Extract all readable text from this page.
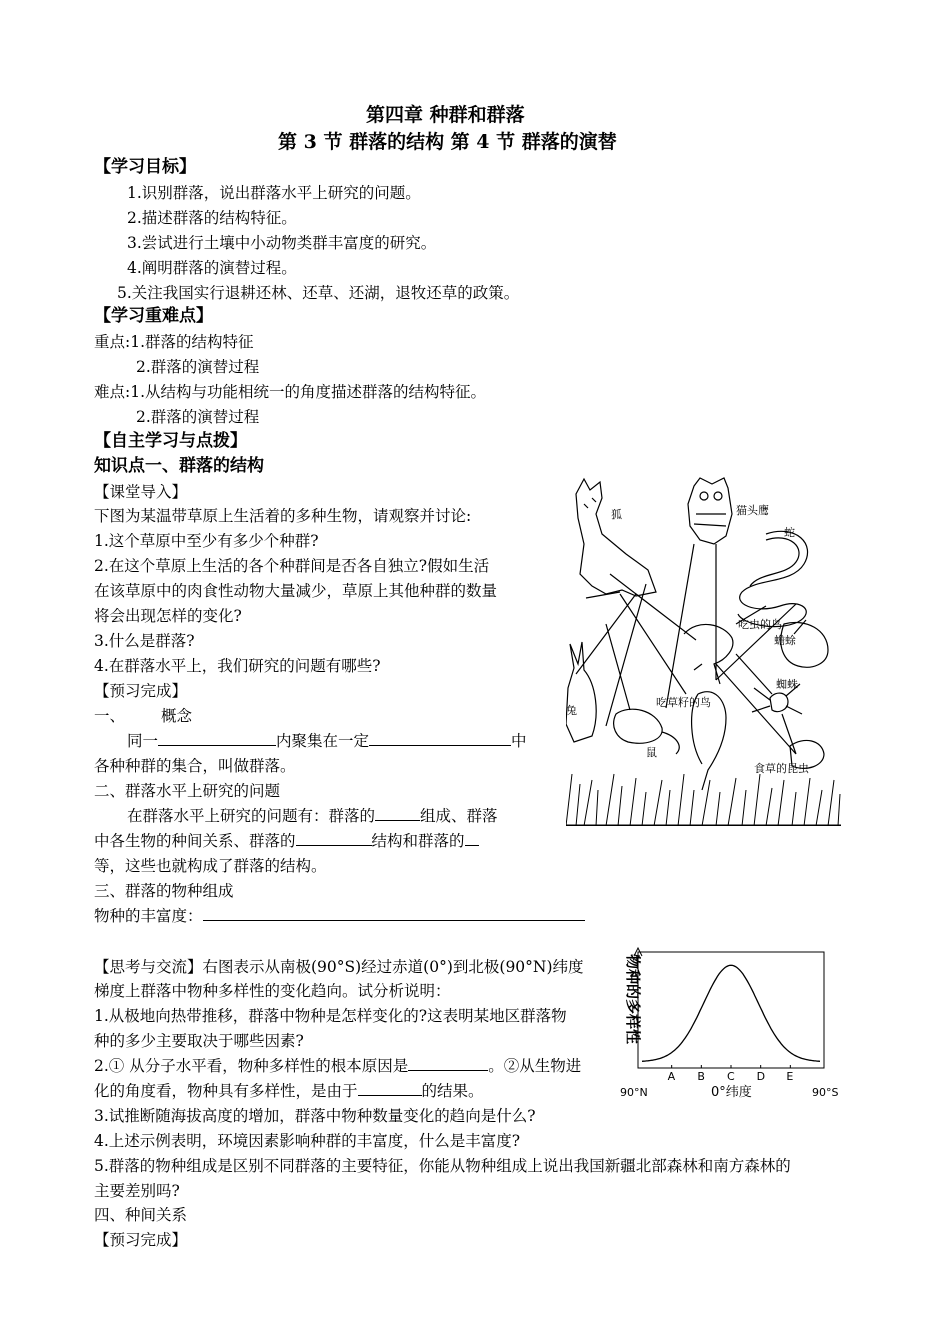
第四章 种群和群落
第 3 节 群落的结构 第 4 节 群落的演替
【学习目标】
1.识别群落，说出群落水平上研究的问题。
2.描述群落的结构特征。
3.尝试进行土壤中小动物类群丰富度的研究。
4.阐明群落的演替过程。
5.关注我国实行退耕还林、还草、还湖，退牧还草的政策。
【学习重难点】
重点:1.群落的结构特征
2.群落的演替过程
难点:1.从结构与功能相统一的角度描述群落的结构特征。
2.群落的演替过程
【自主学习与点拨】
知识点一、群落的结构
【课堂导入】
下图为某温带草原上生活着的多种生物，请观察并讨论:
1.这个草原中至少有多少个种群?
2.在这个草原上生活的各个种群间是否各自独立?假如生活
在该草原中的肉食性动物大量减少，草原上其他种群的数量
将会出现怎样的变化?
3.什么是群落?
4.在群落水平上，我们研究的问题有哪些?
【预习完成】
一、 概念
同一	内聚集在一定	中
各种种群的集合，叫做群落。
二、群落水平上研究的问题
在群落水平上研究的问题有：群落的	组成、群落
中各生物的种间关系、群落的	结构和群落的
等，这些也就构成了群落的结构。
三、群落的物种组成
物种的丰富度：
狐	猫头鹰
蛇
吃虫的鸟
蟾蜍
兔
蜘蛛
吃草籽的鸟
鼠
食草的昆虫
【思考与交流】右图表示从南极(90°S)经过赤道(0°)到北极(90°N)纬度
梯度上群落中物种多样性的变化趋向。试分析说明：
1.从极地向热带推移，群落中物种是怎样变化的?这表明某地区群落物
种的多少主要取决于哪些因素?
2.① 从分子水平看，物种多样性的根本原因是	。②从生物进
化的角度看，物种具有多样性，是由于	的结果。
3.试推断随海拔高度的增加，群落中物种数量变化的趋向是什么?
4.上述示例表明，环境因素影响种群的丰富度，什么是丰富度?
5.群落的物种组成是区别不同群落的主要特征，你能从物种组成上说出我国新疆北部森林和南方森林的
主要差别吗?
四、种间关系
【预习完成】
90°N
A B C D E
90°S
0°纬度
物种的多样性
